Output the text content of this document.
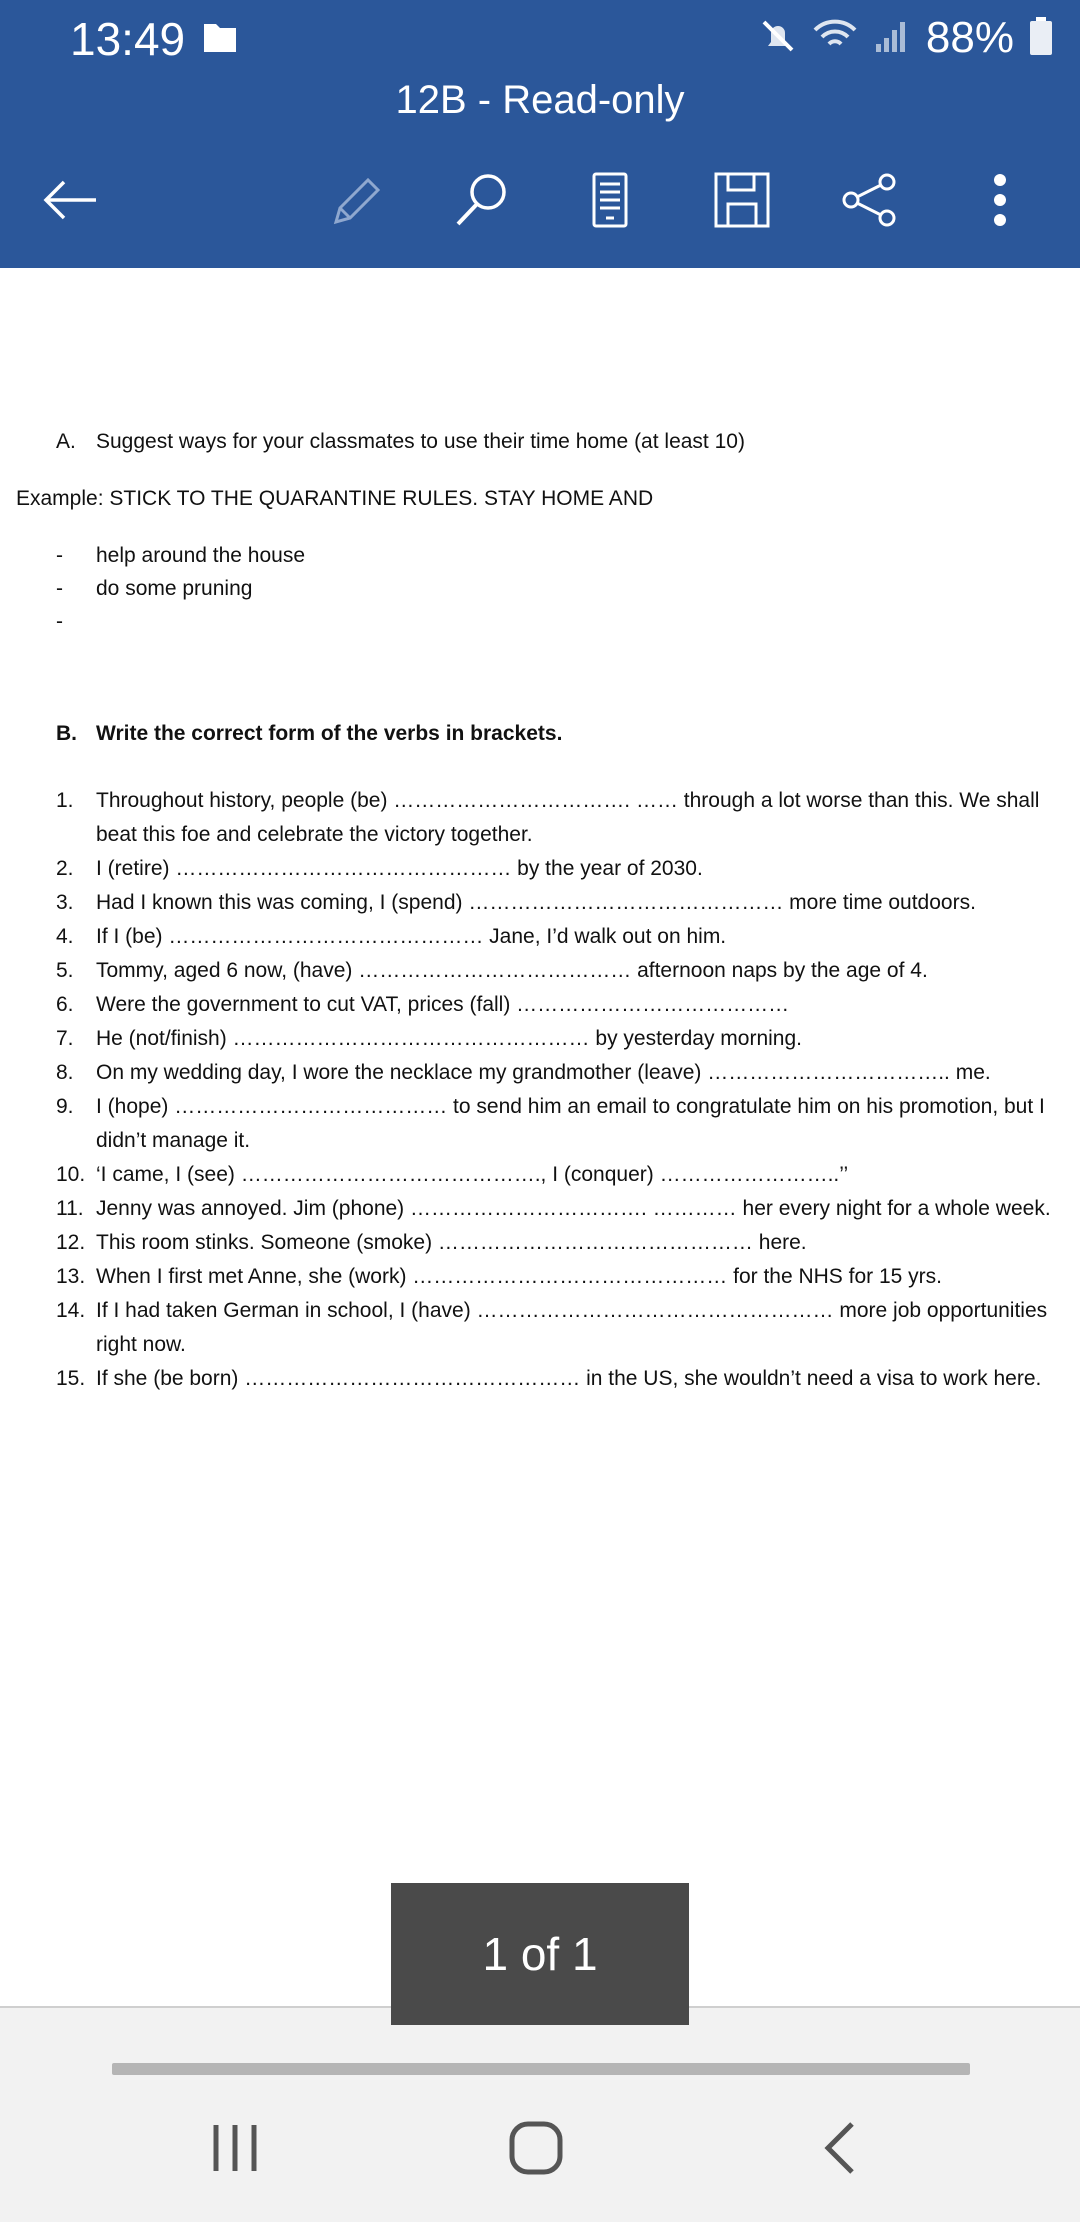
13:49	88%
12B - Read-only
A. Suggest ways for your classmates to use their time home (at least 10)
Example: STICK TO THE QUARANTINE RULES. STAY HOME AND
- help around the house
- do some pruning
-
B. Write the correct form of the verbs in brackets.
1. Throughout history, people (be) ……………………………. …… through a lot worse than this. We shall
beat this foe and celebrate the victory together.
2. I (retire) ………………………………………… by the year of 2030.
3. Had I known this was coming, I (spend) ……………………………………… more time outdoors.
4. If I (be) ……………………………………… Jane, I’d walk out on him.
5. Tommy, aged 6 now, (have) ………………………………… afternoon naps by the age of 4.
6. Were the government to cut VAT, prices (fall) …………………………………
7. He (not/finish) …………………………………………… by yesterday morning.
8. On my wedding day, I wore the necklace my grandmother (leave) …………………………….. me.
9. I (hope) ………………………………… to send him an email to congratulate him on his promotion, but I
didn’t manage it.
10. ‘I came, I (see) ……………………………………., I (conquer) ……………………..’’
11. Jenny was annoyed. Jim (phone) ……………………………. ………… her every night for a whole week.
12. This room stinks. Someone (smoke) ……………………………………… here.
13. When I first met Anne, she (work) ……………………………………… for the NHS for 15 yrs.
14. If I had taken German in school, I (have) …………………………………………… more job opportunities
right now.
15. If she (be born) ………………………………………… in the US, she wouldn’t need a visa to work here.
1 of 1
